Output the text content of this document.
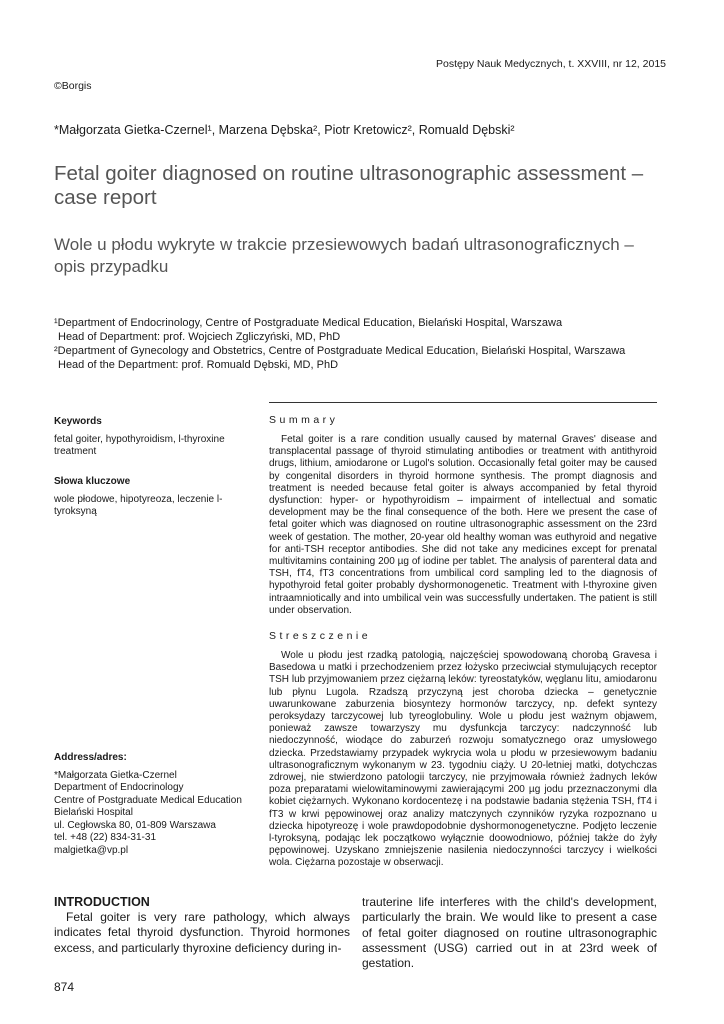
Postępy Nauk Medycznych, t. XXVIII, nr 12, 2015
©Borgis
*Małgorzata Gietka-Czernel¹, Marzena Dębska², Piotr Kretowicz², Romuald Dębski²
Fetal goiter diagnosed on routine ultrasonographic assessment – case report
Wole u płodu wykryte w trakcie przesiewowych badań ultrasonograficznych – opis przypadku
¹Department of Endocrinology, Centre of Postgraduate Medical Education, Bielański Hospital, Warszawa
Head of Department: prof. Wojciech Zgliczyński, MD, PhD
²Department of Gynecology and Obstetrics, Centre of Postgraduate Medical Education, Bielański Hospital, Warszawa
Head of the Department: prof. Romuald Dębski, MD, PhD
Keywords
fetal goiter, hypothyroidism, l-thyroxine treatment
Słowa kluczowe
wole płodowe, hipotyreoza, leczenie l-tyroksyną
Address/adres:
*Małgorzata Gietka-Czernel
Department of Endocrinology
Centre of Postgraduate Medical Education
Bielański Hospital
ul. Cegłowska 80, 01-809 Warszawa
tel. +48 (22) 834-31-31
malgietka@vp.pl
Summary
Fetal goiter is a rare condition usually caused by maternal Graves' disease and transplacental passage of thyroid stimulating antibodies or treatment with antithyroid drugs, lithium, amiodarone or Lugol's solution. Occasionally fetal goiter may be caused by congenital disorders in thyroid hormone synthesis. The prompt diagnosis and treatment is needed because fetal goiter is always accompanied by fetal thyroid dysfunction: hyper- or hypothyroidism – impairment of intellectual and somatic development may be the final consequence of the both. Here we present the case of fetal goiter which was diagnosed on routine ultrasonographic assessment on the 23rd week of gestation. The mother, 20-year old healthy woman was euthyroid and negative for anti-TSH receptor antibodies. She did not take any medicines except for prenatal multivitamins containing 200 µg of iodine per tablet. The analysis of parenteral data and TSH, fT4, fT3 concentrations from umbilical cord sampling led to the diagnosis of hypothyroid fetal goiter probably dyshormonogenetic. Treatment with l-thyroxine given intraamniotically and into umbilical vein was successfully undertaken. The patient is still under observation.
Streszczenie
Wole u płodu jest rzadką patologią, najczęściej spowodowaną chorobą Gravesa i Basedowa u matki i przechodzeniem przez łożysko przeciwciał stymulujących receptor TSH lub przyjmowaniem przez ciężarną leków: tyreostatyków, węglanu litu, amiodaronu lub płynu Lugola. Rzadszą przyczyną jest choroba dziecka – genetycznie uwarunkowane zaburzenia biosyntezy hormonów tarczycy, np. defekt syntezy peroksydazy tarczycowej lub tyreoglobuliny. Wole u płodu jest ważnym objawem, ponieważ zawsze towarzyszy mu dysfunkcja tarczycy: nadczynność lub niedoczynność, wiodące do zaburzeń rozwoju somatycznego oraz umysłowego dziecka. Przedstawiamy przypadek wykrycia wola u płodu w przesiewowym badaniu ultrasonograficznym wykonanym w 23. tygodniu ciąży. U 20-letniej matki, dotychczas zdrowej, nie stwierdzono patologii tarczycy, nie przyjmowała również żadnych leków poza preparatami wielowitaminowymi zawierającymi 200 µg jodu przeznaczonymi dla kobiet ciężarnych. Wykonano kordocentezę i na podstawie badania stężenia TSH, fT4 i fT3 w krwi pępowinowej oraz analizy matczynych czynników ryzyka rozpoznano u dziecka hipotyreozę i wole prawdopodobnie dyshormonogenetyczne. Podjęto leczenie l-tyroksyną, podając lek początkowo wyłącznie doowodniowo, później także do żyły pępowinowej. Uzyskano zmniejszenie nasilenia niedoczynności tarczycy i wielkości wola. Ciężarna pozostaje w obserwacji.
INTRODUCTION
Fetal goiter is very rare pathology, which always indicates fetal thyroid dysfunction. Thyroid hormones excess, and particularly thyroxine deficiency during in-
trauterine life interferes with the child's development, particularly the brain. We would like to present a case of fetal goiter diagnosed on routine ultrasonographic assessment (USG) carried out in at 23rd week of gestation.
874
